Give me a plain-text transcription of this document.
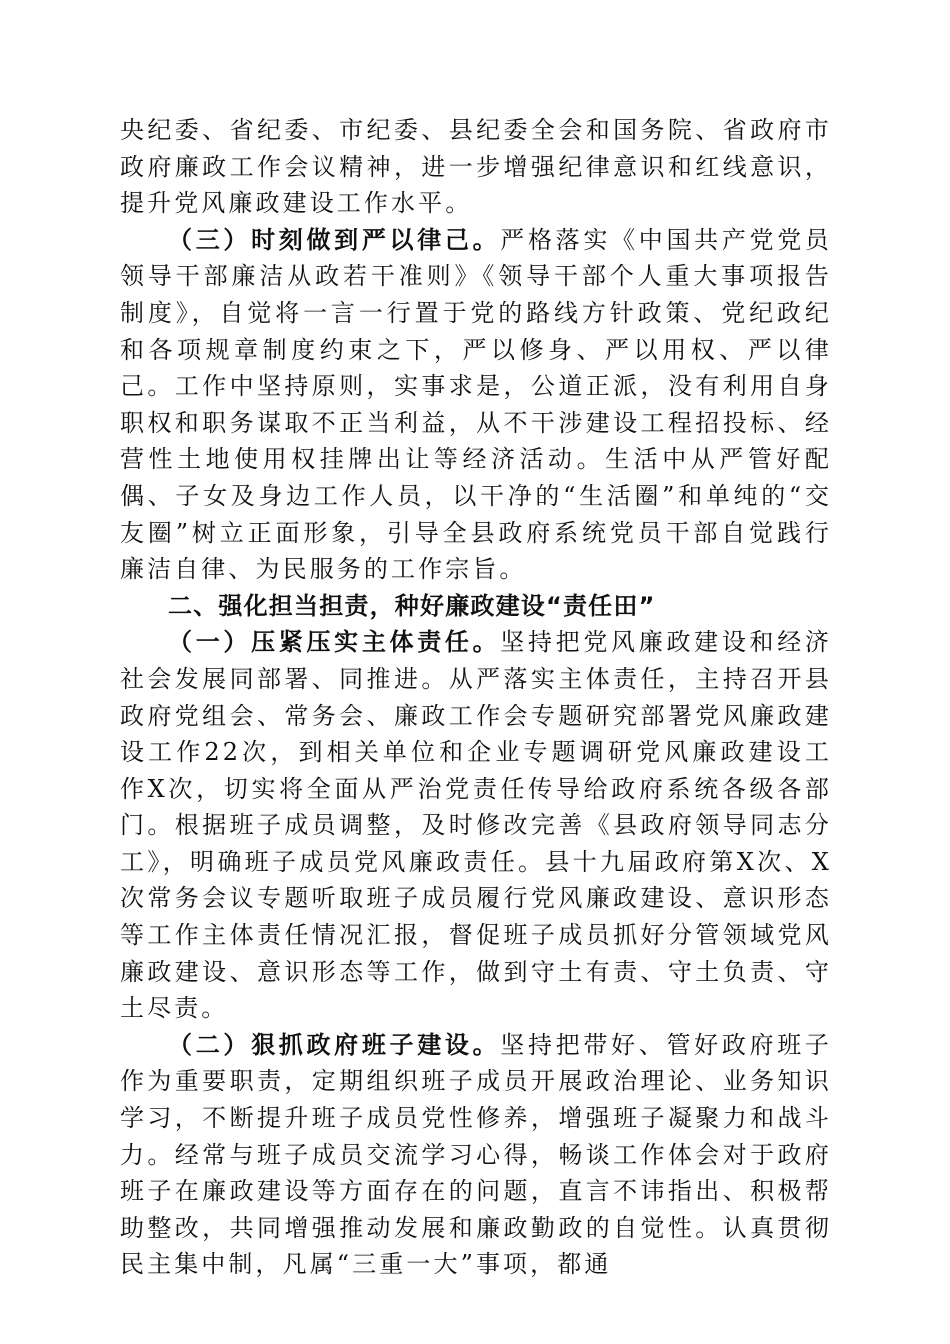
央纪委、省纪委、市纪委、县纪委全会和国务院、省政府市政府廉政工作会议精神，进一步增强纪律意识和红线意识，提升党风廉政建设工作水平。

（三）时刻做到严以律己。严格落实《中国共产党党员领导干部廉洁从政若干准则》《领导干部个人重大事项报告制度》，自觉将一言一行置于党的路线方针政策、党纪政纪和各项规章制度约束之下，严以修身、严以用权、严以律己。工作中坚持原则，实事求是，公道正派，没有利用自身职权和职务谋取不正当利益，从不干涉建设工程招投标、经营性土地使用权挂牌出让等经济活动。生活中从严管好配偶、子女及身边工作人员，以干净的“生活圈”和单纯的“交友圈”树立正面形象，引导全县政府系统党员干部自觉践行廉洁自律、为民服务的工作宗旨。

二、强化担当担责，种好廉政建设“责任田”

（一）压紧压实主体责任。坚持把党风廉政建设和经济社会发展同部署、同推进。从严落实主体责任，主持召开县政府党组会、常务会、廉政工作会专题研究部署党风廉政建设工作22次，到相关单位和企业专题调研党风廉政建设工作X次，切实将全面从严治党责任传导给政府系统各级各部门。根据班子成员调整，及时修改完善《县政府领导同志分工》，明确班子成员党风廉政责任。县十九届政府第X次、X次常务会议专题听取班子成员履行党风廉政建设、意识形态等工作主体责任情况汇报，督促班子成员抓好分管领域党风廉政建设、意识形态等工作，做到守土有责、守土负责、守土尽责。

（二）狠抓政府班子建设。坚持把带好、管好政府班子作为重要职责，定期组织班子成员开展政治理论、业务知识学习，不断提升班子成员党性修养，增强班子凝聚力和战斗力。经常与班子成员交流学习心得，畅谈工作体会对于政府班子在廉政建设等方面存在的问题，直言不讳指出、积极帮助整改，共同增强推动发展和廉政勤政的自觉性。认真贯彻民主集中制，凡属“三重一大”事项，都通
